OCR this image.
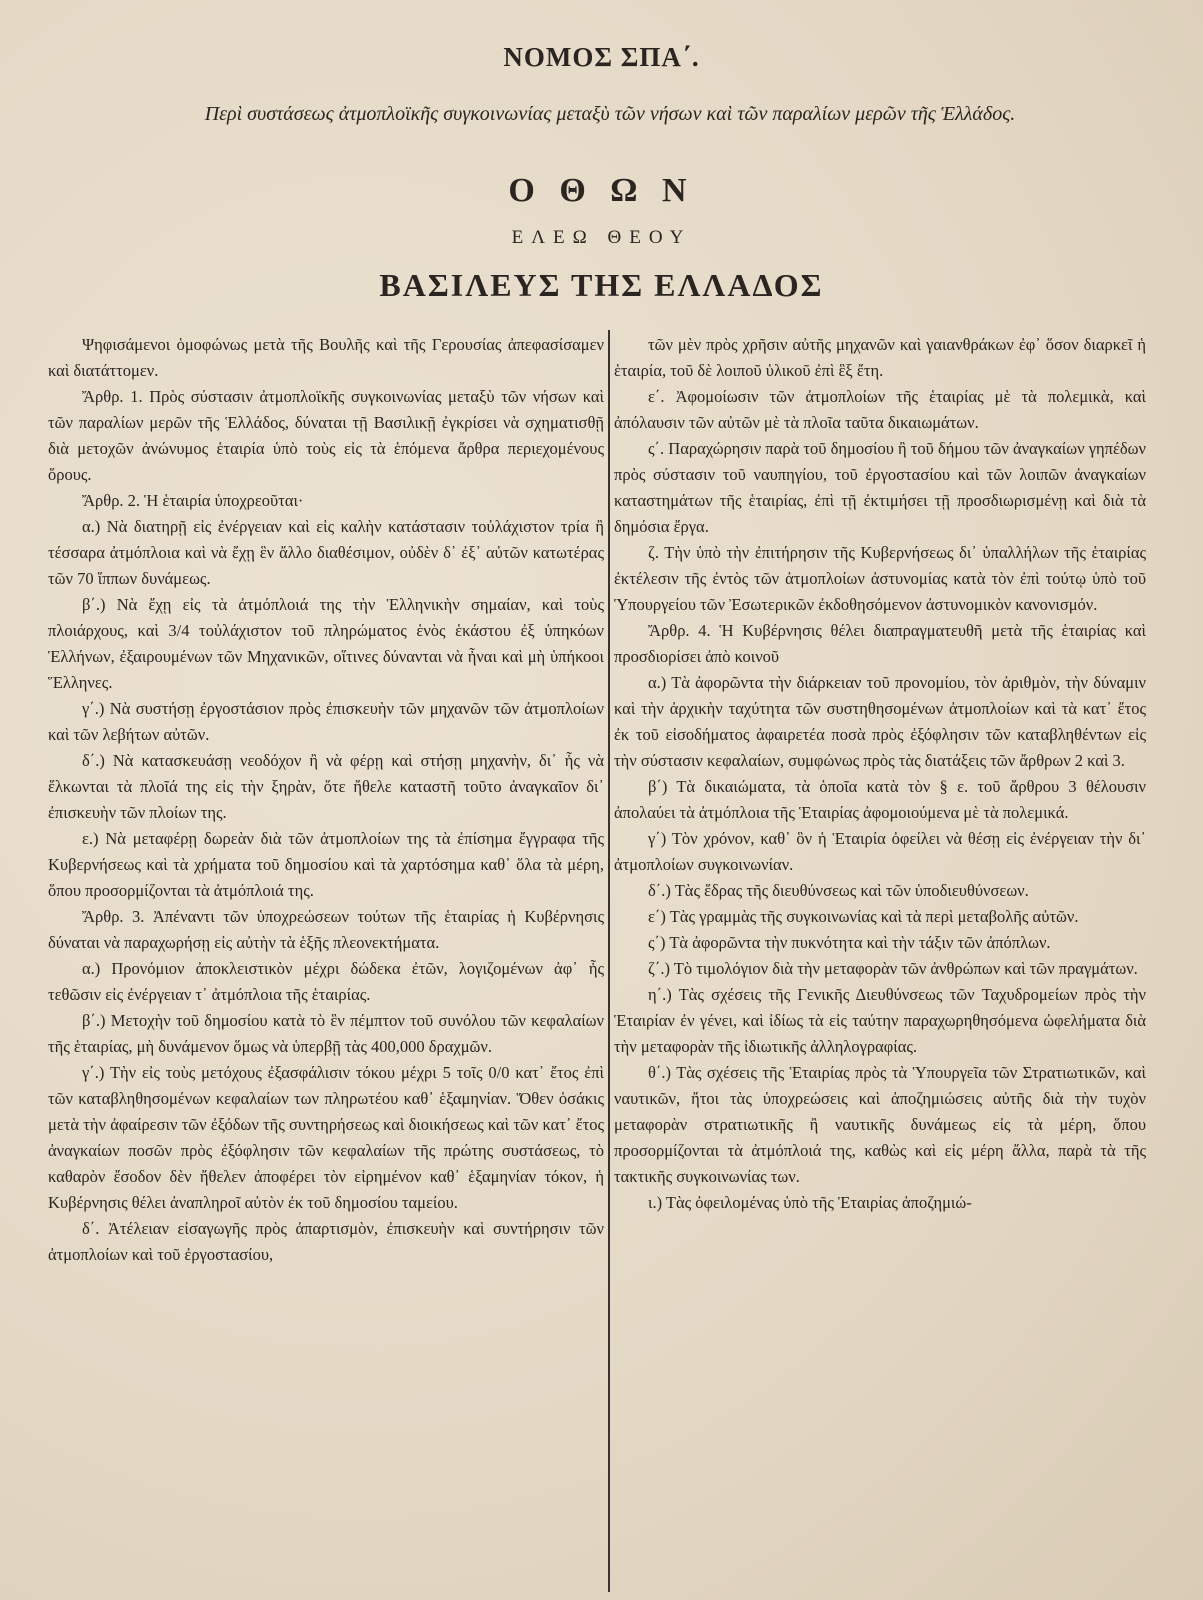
ΝΟΜΟΣ ΣΠΑ΄.
Περὶ συστάσεως ἀτμοπλοϊκῆς συγκοινωνίας μεταξὺ τῶν νήσων καὶ τῶν παραλίων μερῶν τῆς Ἑλλάδος.
Ο Θ Ω Ν
ΕΛΕΩ ΘΕΟΥ
ΒΑΣΙΛΕΥΣ ΤΗΣ ΕΛΛΑΔΟΣ

Ψηφισάμενοι ὁμοφώνως μετὰ τῆς Βουλῆς καὶ τῆς Γερουσίας ἀπεφασίσαμεν καὶ διατάττομεν.

Ἄρθρ. 1. Πρὸς σύστασιν ἀτμοπλοϊκῆς συγκοινωνίας μεταξὺ τῶν νήσων καὶ τῶν παραλίων μερῶν τῆς Ἑλλάδος, δύναται τῇ Βασιλικῇ ἐγκρίσει νὰ σχηματισθῇ διὰ μετοχῶν ἀνώνυμος ἑταιρία ὑπὸ τοὺς εἰς τὰ ἑπόμενα ἄρθρα περιεχομένους ὅρους.

Ἄρθρ. 2. Ἡ ἑταιρία ὑποχρεοῦται·

α.) Νὰ διατηρῇ εἰς ἐνέργειαν καὶ εἰς καλὴν κατάστασιν τοὐλάχιστον τρία ἢ τέσσαρα ἀτμόπλοια καὶ νὰ ἔχῃ ἓν ἄλλο διαθέσιμον, οὐδὲν δ᾿ ἐξ᾿ αὐτῶν κατωτέρας τῶν 70 ἵππων δυνάμεως.

β΄.) Νὰ ἔχῃ εἰς τὰ ἀτμόπλοιά της τὴν Ἑλληνικὴν σημαίαν, καὶ τοὺς πλοιάρχους, καὶ 3/4 τοὐλάχιστον τοῦ πληρώματος ἑνὸς ἑκάστου ἐξ ὑπηκόων Ἑλλήνων, ἐξαιρουμένων τῶν Μηχανικῶν, οἵτινες δύνανται νὰ ἦναι καὶ μὴ ὑπήκοοι Ἕλληνες.

γ΄.) Νὰ συστήσῃ ἐργοστάσιον πρὸς ἐπισκευὴν τῶν μηχανῶν τῶν ἀτμοπλοίων καὶ τῶν λεβήτων αὐτῶν.

δ΄.) Νὰ κατασκευάσῃ νεοδόχον ἢ νὰ φέρῃ καὶ στήσῃ μηχανὴν, δι᾿ ἧς νὰ ἕλκωνται τὰ πλοῖά της εἰς τὴν ξηρὰν, ὅτε ἤθελε καταστῆ τοῦτο ἀναγκαῖον δι᾿ ἐπισκευὴν τῶν πλοίων της.

ε.) Νὰ μεταφέρῃ δωρεὰν διὰ τῶν ἀτμοπλοίων της τὰ ἐπίσημα ἔγγραφα τῆς Κυβερνήσεως καὶ τὰ χρήματα τοῦ δημοσίου καὶ τὰ χαρτόσημα καθ᾿ ὅλα τὰ μέρη, ὅπου προσορμίζονται τὰ ἀτμόπλοιά της.

Ἄρθρ. 3. Ἀπέναντι τῶν ὑποχρεώσεων τούτων τῆς ἑταιρίας ἡ Κυβέρνησις δύναται νὰ παραχωρήσῃ εἰς αὐτὴν τὰ ἑξῆς πλεονεκτήματα.

α.) Προνόμιον ἀποκλειστικὸν μέχρι δώδεκα ἐτῶν, λογιζομένων ἀφ᾿ ἧς τεθῶσιν εἰς ἐνέργειαν τ᾿ ἀτμόπλοια τῆς ἑταιρίας.

β΄.) Μετοχὴν τοῦ δημοσίου κατὰ τὸ ἓν πέμπτον τοῦ συνόλου τῶν κεφαλαίων τῆς ἑταιρίας, μὴ δυνάμενον ὅμως νὰ ὑπερβῇ τὰς 400,000 δραχμῶν.

γ΄.) Τὴν εἰς τοὺς μετόχους ἐξασφάλισιν τόκου μέχρι 5 τοῖς 0/0 κατ᾿ ἔτος ἐπὶ τῶν καταβληθησομένων κεφαλαίων των πληρωτέου καθ᾿ ἑξαμηνίαν. Ὅθεν ὁσάκις μετὰ τὴν ἀφαίρεσιν τῶν ἐξόδων τῆς συντηρήσεως καὶ διοικήσεως καὶ τῶν κατ᾿ ἔτος ἀναγκαίων ποσῶν πρὸς ἐξόφλησιν τῶν κεφαλαίων τῆς πρώτης συστάσεως, τὸ καθαρὸν ἔσοδον δὲν ἤθελεν ἀποφέρει τὸν εἰρημένον καθ᾿ ἑξαμηνίαν τόκον, ἡ Κυβέρνησις θέλει ἀναπληροῖ αὐτὸν ἐκ τοῦ δημοσίου ταμείου.

δ΄. Ἀτέλειαν εἰσαγωγῆς πρὸς ἀπαρτισμὸν, ἐπισκευὴν καὶ συντήρησιν τῶν ἀτμοπλοίων καὶ τοῦ ἐργοστασίου,

τῶν μὲν πρὸς χρῆσιν αὐτῆς μηχανῶν καὶ γαιανθράκων ἐφ᾿ ὅσον διαρκεῖ ἡ ἑταιρία, τοῦ δὲ λοιποῦ ὑλικοῦ ἐπὶ ἓξ ἔτη.

ε΄. Ἀφομοίωσιν τῶν ἀτμοπλοίων τῆς ἑταιρίας μὲ τὰ πολεμικὰ, καὶ ἀπόλαυσιν τῶν αὐτῶν μὲ τὰ πλοῖα ταῦτα δικαιωμάτων.

ς΄. Παραχώρησιν παρὰ τοῦ δημοσίου ἢ τοῦ δήμου τῶν ἀναγκαίων γηπέδων πρὸς σύστασιν τοῦ ναυπηγίου, τοῦ ἐργοστασίου καὶ τῶν λοιπῶν ἀναγκαίων καταστημάτων τῆς ἑταιρίας, ἐπὶ τῇ ἐκτιμήσει τῇ προσδιωρισμένῃ καὶ διὰ τὰ δημόσια ἔργα.

ζ. Τὴν ὑπὸ τὴν ἐπιτήρησιν τῆς Κυβερνήσεως δι᾿ ὑπαλλήλων τῆς ἑταιρίας ἐκτέλεσιν τῆς ἐντὸς τῶν ἀτμοπλοίων ἀστυνομίας κατὰ τὸν ἐπὶ τούτῳ ὑπὸ τοῦ Ὑπουργείου τῶν Ἐσωτερικῶν ἐκδοθησόμενον ἀστυνομικὸν κανονισμόν.

Ἄρθρ. 4. Ἡ Κυβέρνησις θέλει διαπραγματευθῆ μετὰ τῆς ἑταιρίας καὶ προσδιορίσει ἀπὸ κοινοῦ

α.) Τὰ ἀφορῶντα τὴν διάρκειαν τοῦ προνομίου, τὸν ἀριθμὸν, τὴν δύναμιν καὶ τὴν ἀρχικὴν ταχύτητα τῶν συστηθησομένων ἀτμοπλοίων καὶ τὰ κατ᾿ ἔτος ἐκ τοῦ εἰσοδήματος ἀφαιρετέα ποσὰ πρὸς ἐξόφλησιν τῶν καταβληθέντων εἰς τὴν σύστασιν κεφαλαίων, συμφώνως πρὸς τὰς διατάξεις τῶν ἄρθρων 2 καὶ 3.

β΄) Τὰ δικαιώματα, τὰ ὁποῖα κατὰ τὸν § ε. τοῦ ἄρθρου 3 θέλουσιν ἀπολαύει τὰ ἀτμόπλοια τῆς Ἑταιρίας ἀφομοιούμενα μὲ τὰ πολεμικά.

γ΄) Τὸν χρόνον, καθ᾿ ὃν ἡ Ἑταιρία ὀφείλει νὰ θέσῃ εἰς ἐνέργειαν τὴν δι᾿ ἀτμοπλοίων συγκοινωνίαν.

δ΄.) Τὰς ἕδρας τῆς διευθύνσεως καὶ τῶν ὑποδιευθύνσεων.

ε΄) Τὰς γραμμὰς τῆς συγκοινωνίας καὶ τὰ περὶ μεταβολῆς αὐτῶν.

ς΄) Τὰ ἀφορῶντα τὴν πυκνότητα καὶ τὴν τάξιν τῶν ἀπόπλων.

ζ΄.) Τὸ τιμολόγιον διὰ τὴν μεταφορὰν τῶν ἀνθρώπων καὶ τῶν πραγμάτων.

η΄.) Τὰς σχέσεις τῆς Γενικῆς Διευθύνσεως τῶν Ταχυδρομείων πρὸς τὴν Ἑταιρίαν ἐν γένει, καὶ ἰδίως τὰ εἰς ταύτην παραχωρηθησόμενα ὠφελήματα διὰ τὴν μεταφορὰν τῆς ἰδιωτικῆς ἀλληλογραφίας.

θ΄.) Τὰς σχέσεις τῆς Ἑταιρίας πρὸς τὰ Ὑπουργεῖα τῶν Στρατιωτικῶν, καὶ ναυτικῶν, ἤτοι τὰς ὑποχρεώσεις καὶ ἀποζημιώσεις αὐτῆς διὰ τὴν τυχὸν μεταφορὰν στρατιωτικῆς ἢ ναυτικῆς δυνάμεως εἰς τὰ μέρη, ὅπου προσορμίζονται τὰ ἀτμόπλοιά της, καθὼς καὶ εἰς μέρη ἄλλα, παρὰ τὰ τῆς τακτικῆς συγκοινωνίας των.

ι.) Τὰς ὀφειλομένας ὑπὸ τῆς Ἑταιρίας ἀποζημιώ-
